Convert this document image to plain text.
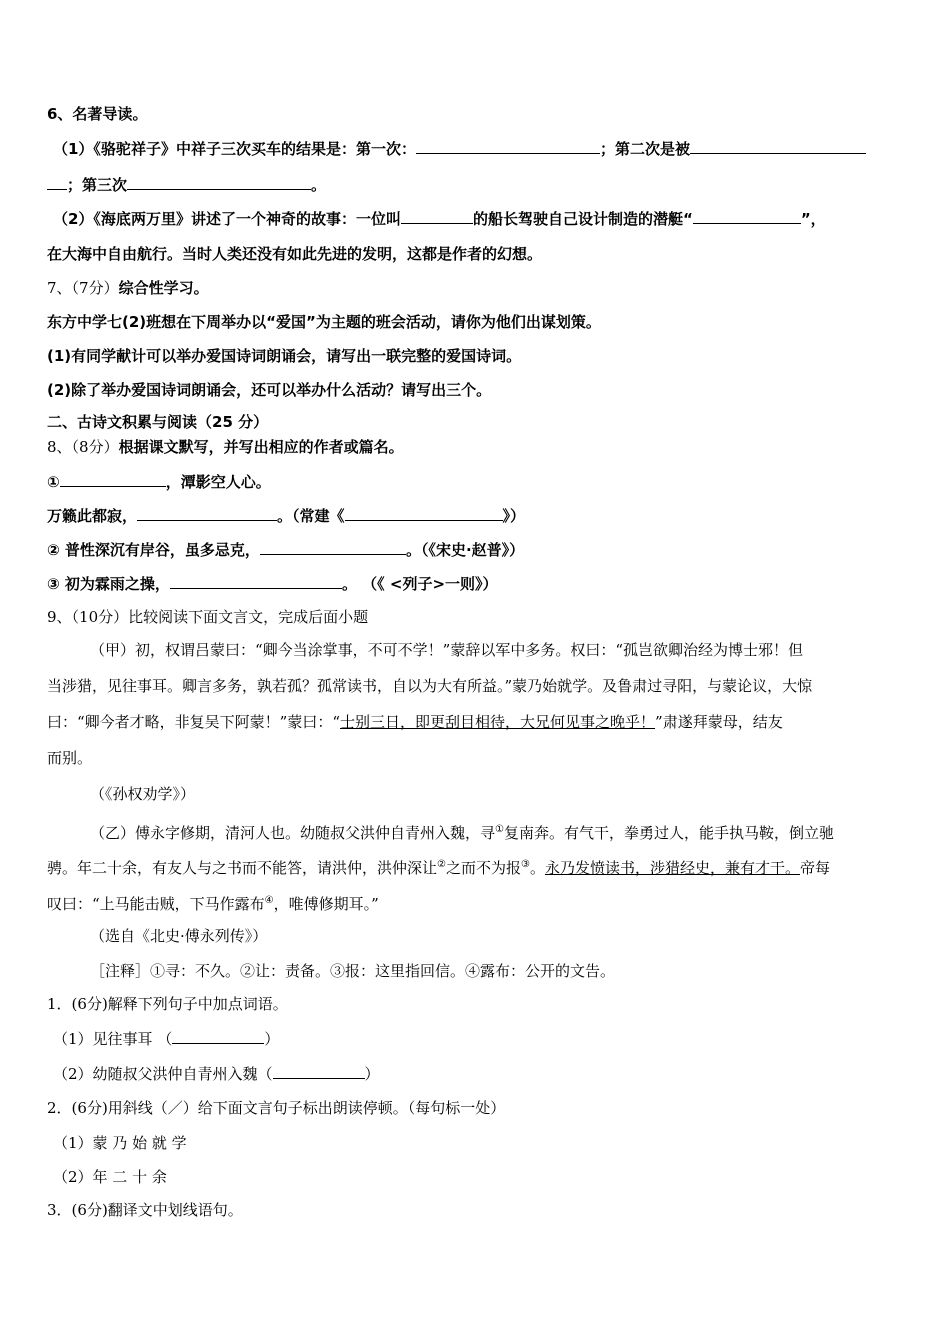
6、名著导读。
（1）《骆驼祥子》中祥子三次买车的结果是：第一次：	；第二次是被
；第三次	。
（2）《海底两万里》讲述了一个神奇的故事：一位叫	的船长驾驶自己设计制造的潜艇“	”，
在大海中自由航行。当时人类还没有如此先进的发明，这都是作者的幻想。
7、（7分）综合性学习。
东方中学七(2)班想在下周举办以“爱国”为主题的班会活动，请你为他们出谋划策。
(1)有同学献计可以举办爱国诗词朗诵会，请写出一联完整的爱国诗词。
(2)除了举办爱国诗词朗诵会，还可以举办什么活动？请写出三个。
二、古诗文积累与阅读（25 分）
8、（8分）根据课文默写，并写出相应的作者或篇名。
①	，潭影空人心。
万籁此都寂，	。（常建《	》）
② 普性深沉有岸谷，虽多忌克，	。（《宋史·赵普》）
③ 初为霖雨之操，	。 （《 <列子>一则》）
9、（10分）比较阅读下面文言文，完成后面小题
（甲）初，权谓吕蒙曰：“卿今当涂掌事，不可不学！”蒙辞以军中多务。权曰：“孤岂欲卿治经为博士邪！但
当涉猎，见往事耳。卿言多务，孰若孤？孤常读书，自以为大有所益。”蒙乃始就学。及鲁肃过寻阳，与蒙论议，大惊
曰：“卿今者才略，非复吴下阿蒙！”蒙曰：“士别三日，即更刮目相待，大兄何见事之晚乎！”肃遂拜蒙母，结友
而别。
（《孙权劝学》）
（乙）傅永字修期，清河人也。幼随叔父洪仲自青州入魏，寻①复南奔。有气干，拳勇过人，能手执马鞍，倒立驰
骋。年二十余，有友人与之书而不能答，请洪仲，洪仲深让②之而不为报③。永乃发愤读书，涉猎经史，兼有才干。帝每
叹曰：“上马能击贼，下马作露布④，唯傅修期耳。”
（选自《北史·傅永列传》）
［注释］①寻：不久。②让：责备。③报：这里指回信。④露布：公开的文告。
1．(6分)解释下列句子中加点词语。
（1）见往事耳 （	）
（2）幼随叔父洪仲自青州入魏（	）
2．(6分)用斜线（／）给下面文言句子标出朗读停顿。（每句标一处）
（1）蒙 乃 始 就 学
（2）年 二 十 余
3．(6分)翻译文中划线语句。
